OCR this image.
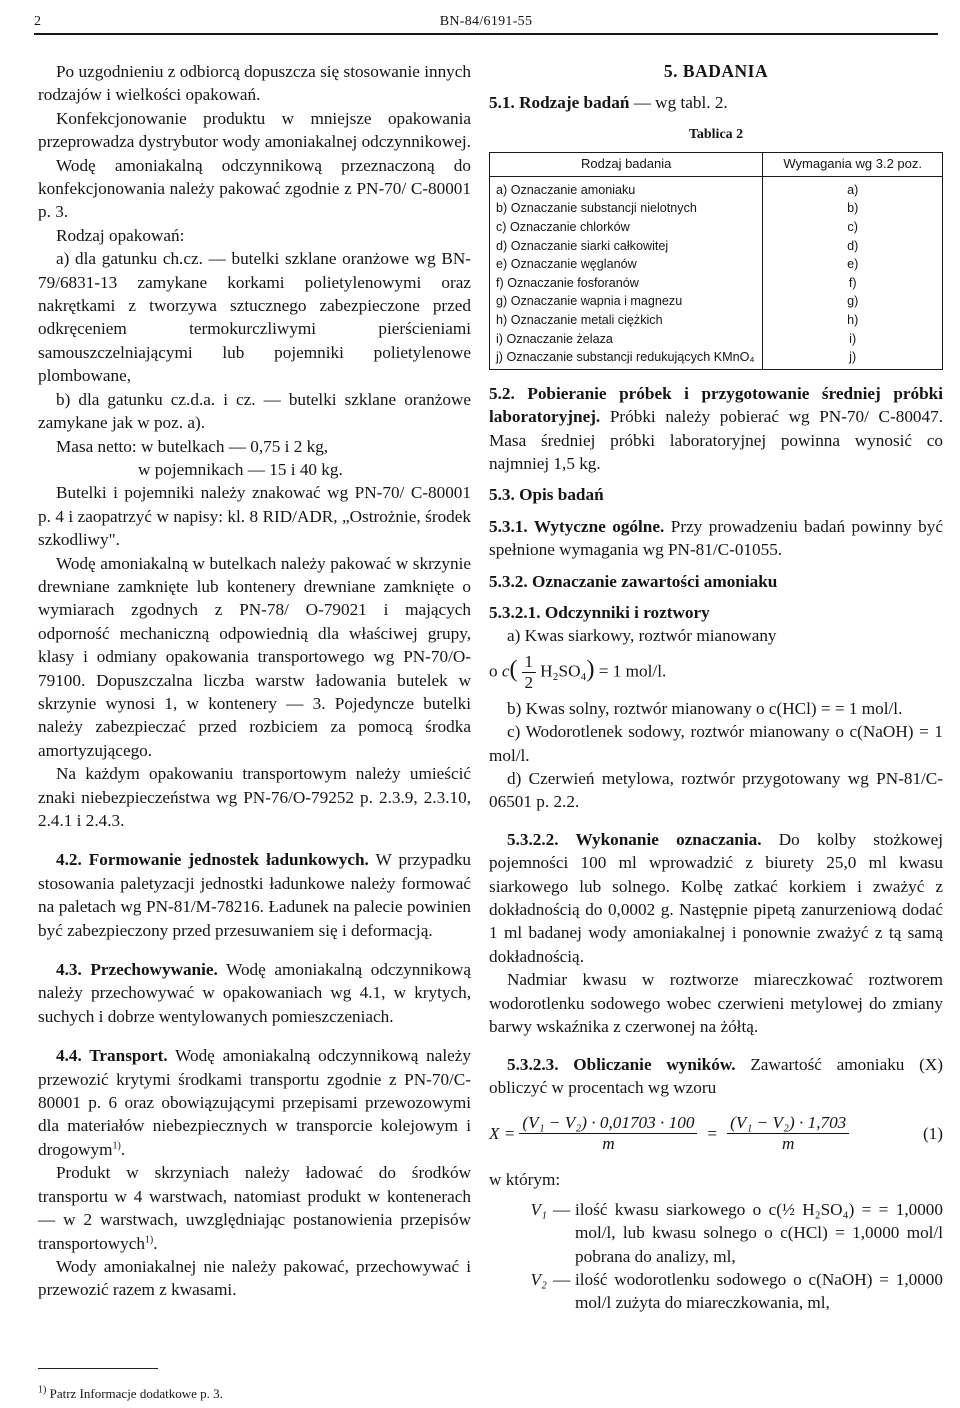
2	BN-84/6191-55

Po uzgodnieniu z odbiorcą dopuszcza się stosowanie innych rodzajów i wielkości opakowań.

Konfekcjonowanie produktu w mniejsze opakowania przeprowadza dystrybutor wody amoniakalnej odczynnikowej.

Wodę amoniakalną odczynnikową przeznaczoną do konfekcjonowania należy pakować zgodnie z PN-70/ C-80001 p. 3.

Rodzaj opakowań:

a) dla gatunku ch.cz. — butelki szklane oranżowe wg BN-79/6831-13 zamykane korkami polietylenowymi oraz nakrętkami z tworzywa sztucznego zabezpieczone przed odkręceniem termokurczliwymi pierścieniami samouszczelniającymi lub pojemniki polietylenowe plombowane,

b) dla gatunku cz.d.a. i cz. — butelki szklane oranżowe zamykane jak w poz. a).

Masa netto: w butelkach — 0,75 i 2 kg,

w pojemnikach — 15 i 40 kg.

Butelki i pojemniki należy znakować wg PN-70/ C-80001 p. 4 i zaopatrzyć w napisy: kl. 8 RID/ADR, „Ostrożnie, środek szkodliwy".

Wodę amoniakalną w butelkach należy pakować w skrzynie drewniane zamknięte lub kontenery drewniane zamknięte o wymiarach zgodnych z PN-78/ O-79021 i mających odporność mechaniczną odpowiednią dla właściwej grupy, klasy i odmiany opakowania transportowego wg PN-70/O-79100. Dopuszczalna liczba warstw ładowania butelek w skrzynie wynosi 1, w kontenery — 3. Pojedyncze butelki należy zabezpieczać przed rozbiciem za pomocą środka amortyzującego.

Na każdym opakowaniu transportowym należy umieścić znaki niebezpieczeństwa wg PN-76/O-79252 p. 2.3.9, 2.3.10, 2.4.1 i 2.4.3.

4.2. Formowanie jednostek ładunkowych. W przypadku stosowania paletyzacji jednostki ładunkowe należy formować na paletach wg PN-81/M-78216. Ładunek na palecie powinien być zabezpieczony przed przesuwaniem się i deformacją.

4.3. Przechowywanie. Wodę amoniakalną odczynnikową należy przechowywać w opakowaniach wg 4.1, w krytych, suchych i dobrze wentylowanych pomieszczeniach.

4.4. Transport. Wodę amoniakalną odczynnikową należy przewozić krytymi środkami transportu zgodnie z PN-70/C-80001 p. 6 oraz obowiązującymi przepisami przewozowymi dla materiałów niebezpiecznych w transporcie kolejowym i drogowym$^{1)}$.

Produkt w skrzyniach należy ładować do środków transportu w 4 warstwach, natomiast produkt w kontenerach — w 2 warstwach, uwzględniając postanowienia przepisów transportowych$^{1)}$.

Wody amoniakalnej nie należy pakować, przechowywać i przewozić razem z kwasami.

$^{1)}$ Patrz Informacje dodatkowe p. 3.
5. BADANIA

5.1. Rodzaje badań — wg tabl. 2.

Tablica 2
Rodzaj badania	Wymagania wg 3.2 poz.
a) Oznaczanie amoniaku	a)
b) Oznaczanie substancji nielotnych	b)
c) Oznaczanie chlorków	c)
d) Oznaczanie siarki całkowitej	d)
e) Oznaczanie węglanów	e)
f) Oznaczanie fosforanów	f)
g) Oznaczanie wapnia i magnezu	g)
h) Oznaczanie metali ciężkich	h)
i) Oznaczanie żelaza	i)
j) Oznaczanie substancji redukujących KMnO₄	j)

5.2. Pobieranie próbek i przygotowanie średniej próbki laboratoryjnej. Próbki należy pobierać wg PN-70/ C-80047. Masa średniej próbki laboratoryjnej powinna wynosić co najmniej 1,5 kg.

5.3. Opis badań

5.3.1. Wytyczne ogólne. Przy prowadzeniu badań powinny być spełnione wymagania wg PN-81/C-01055.

5.3.2. Oznaczanie zawartości amoniaku

5.3.2.1. Odczynniki i roztwory

a) Kwas siarkowy, roztwór mianowany

o $c( \frac{1}{2} H_2SO_4) = 1$ mol/l.

b) Kwas solny, roztwór mianowany o c(HCl) = = 1 mol/l.

c) Wodorotlenek sodowy, roztwór mianowany o c(NaOH) = 1 mol/l.

d) Czerwień metylowa, roztwór przygotowany wg PN-81/C-06501 p. 2.2.

5.3.2.2. Wykonanie oznaczania. Do kolby stożkowej pojemności 100 ml wprowadzić z biurety 25,0 ml kwasu siarkowego lub solnego. Kolbę zatkać korkiem i zważyć z dokładnością do 0,0002 g. Następnie pipetą zanurzeniową dodać 1 ml badanej wody amoniakalnej i ponownie zważyć z tą samą dokładnością.

Nadmiar kwasu w roztworze miareczkować roztworem wodorotlenku sodowego wobec czerwieni metylowej do zmiany barwy wskaźnika z czerwonej na żółtą.

5.3.2.3. Obliczanie wyników. Zawartość amoniaku (X) obliczyć w procentach wg wzoru

$X = \frac{\text{(V₁ − V₂) · 0,01703 · 100}}{m} = \frac{\text{(V₁ − V₂) · 1,703}}{m}$	(1)

w którym:

V₁ — ilość kwasu siarkowego o c(½ H₂SO₄) = = 1,0000 mol/l, lub kwasu solnego o c(HCl) = 1,0000 mol/l pobrana do analizy, ml,
V₂ — ilość wodorotlenku sodowego o c(NaOH) = 1,0000 mol/l zużyta do miareczkowania, ml,
